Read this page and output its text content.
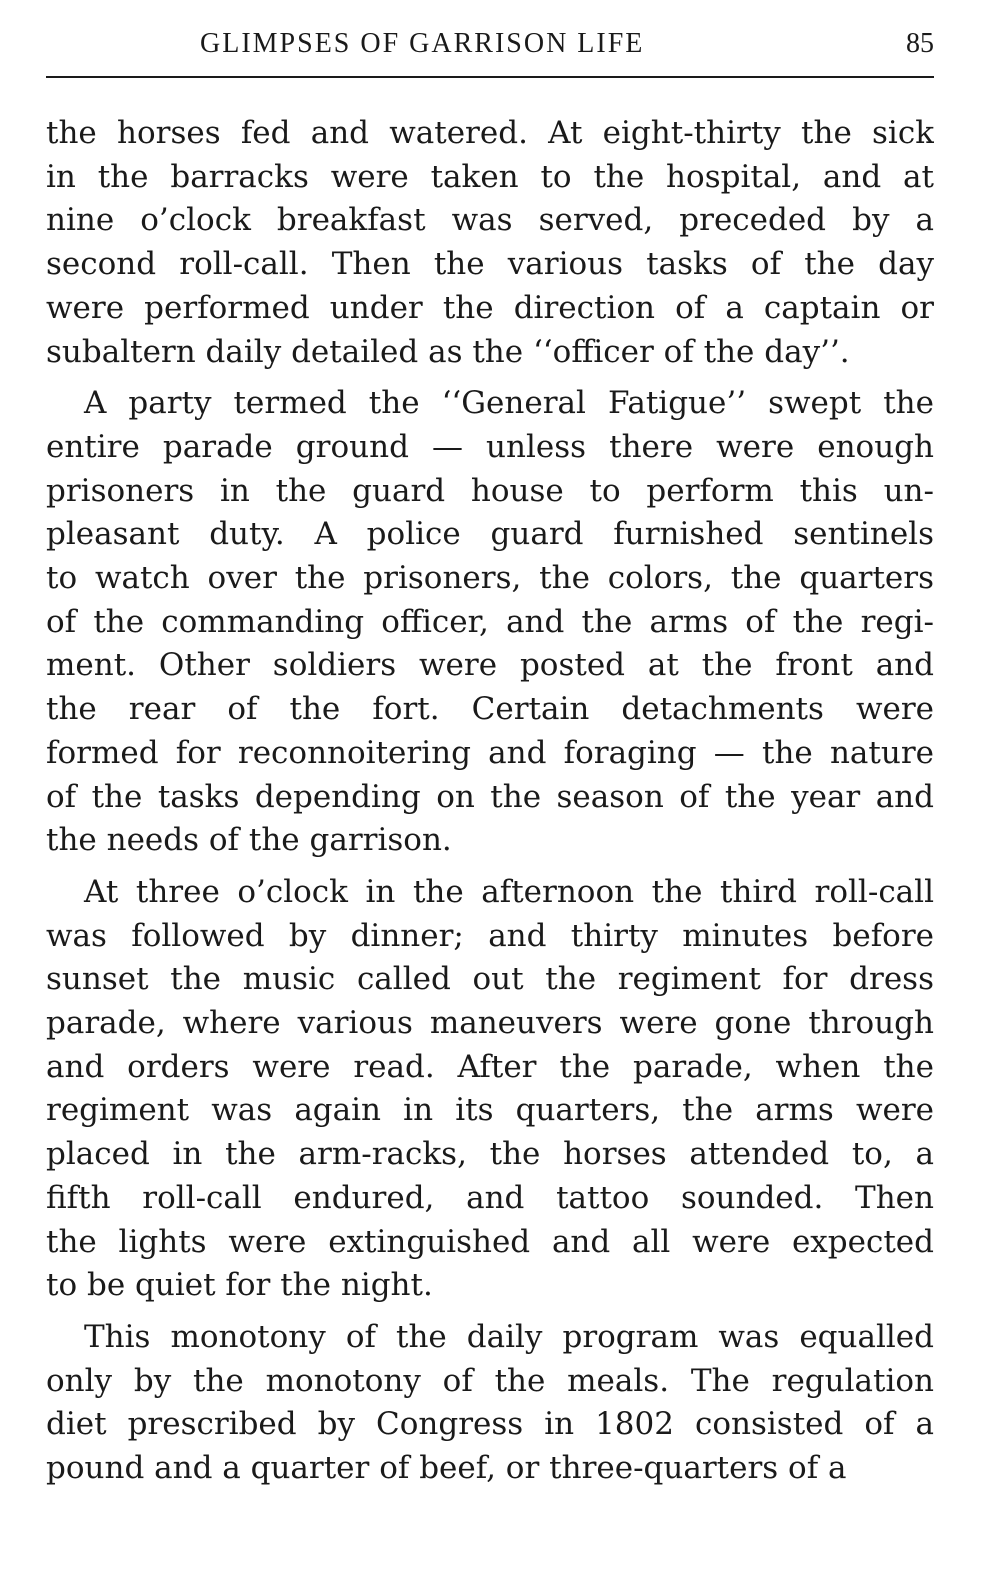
GLIMPSES OF GARRISON LIFE	85
the horses fed and watered. At eight-thirty the sick
in the barracks were taken to the hospital, and at
nine o’clock breakfast was served, preceded by a
second roll-call. Then the various tasks of the day
were performed under the direction of a captain or
subaltern daily detailed as the ‘‘officer of the day’’.
A party termed the ‘‘General Fatigue’’ swept the
entire parade ground — unless there were enough
prisoners in the guard house to perform this un-
pleasant duty. A police guard furnished sentinels
to watch over the prisoners, the colors, the quarters
of the commanding officer, and the arms of the regi-
ment. Other soldiers were posted at the front and
the rear of the fort. Certain detachments were
formed for reconnoitering and foraging — the nature
of the tasks depending on the season of the year and
the needs of the garrison.
At three o’clock in the afternoon the third roll-call
was followed by dinner; and thirty minutes before
sunset the music called out the regiment for dress
parade, where various maneuvers were gone through
and orders were read. After the parade, when the
regiment was again in its quarters, the arms were
placed in the arm-racks, the horses attended to, a
fifth roll-call endured, and tattoo sounded. Then
the lights were extinguished and all were expected
to be quiet for the night.
This monotony of the daily program was equalled
only by the monotony of the meals. The regulation
diet prescribed by Congress in 1802 consisted of a
pound and a quarter of beef, or three-quarters of a
